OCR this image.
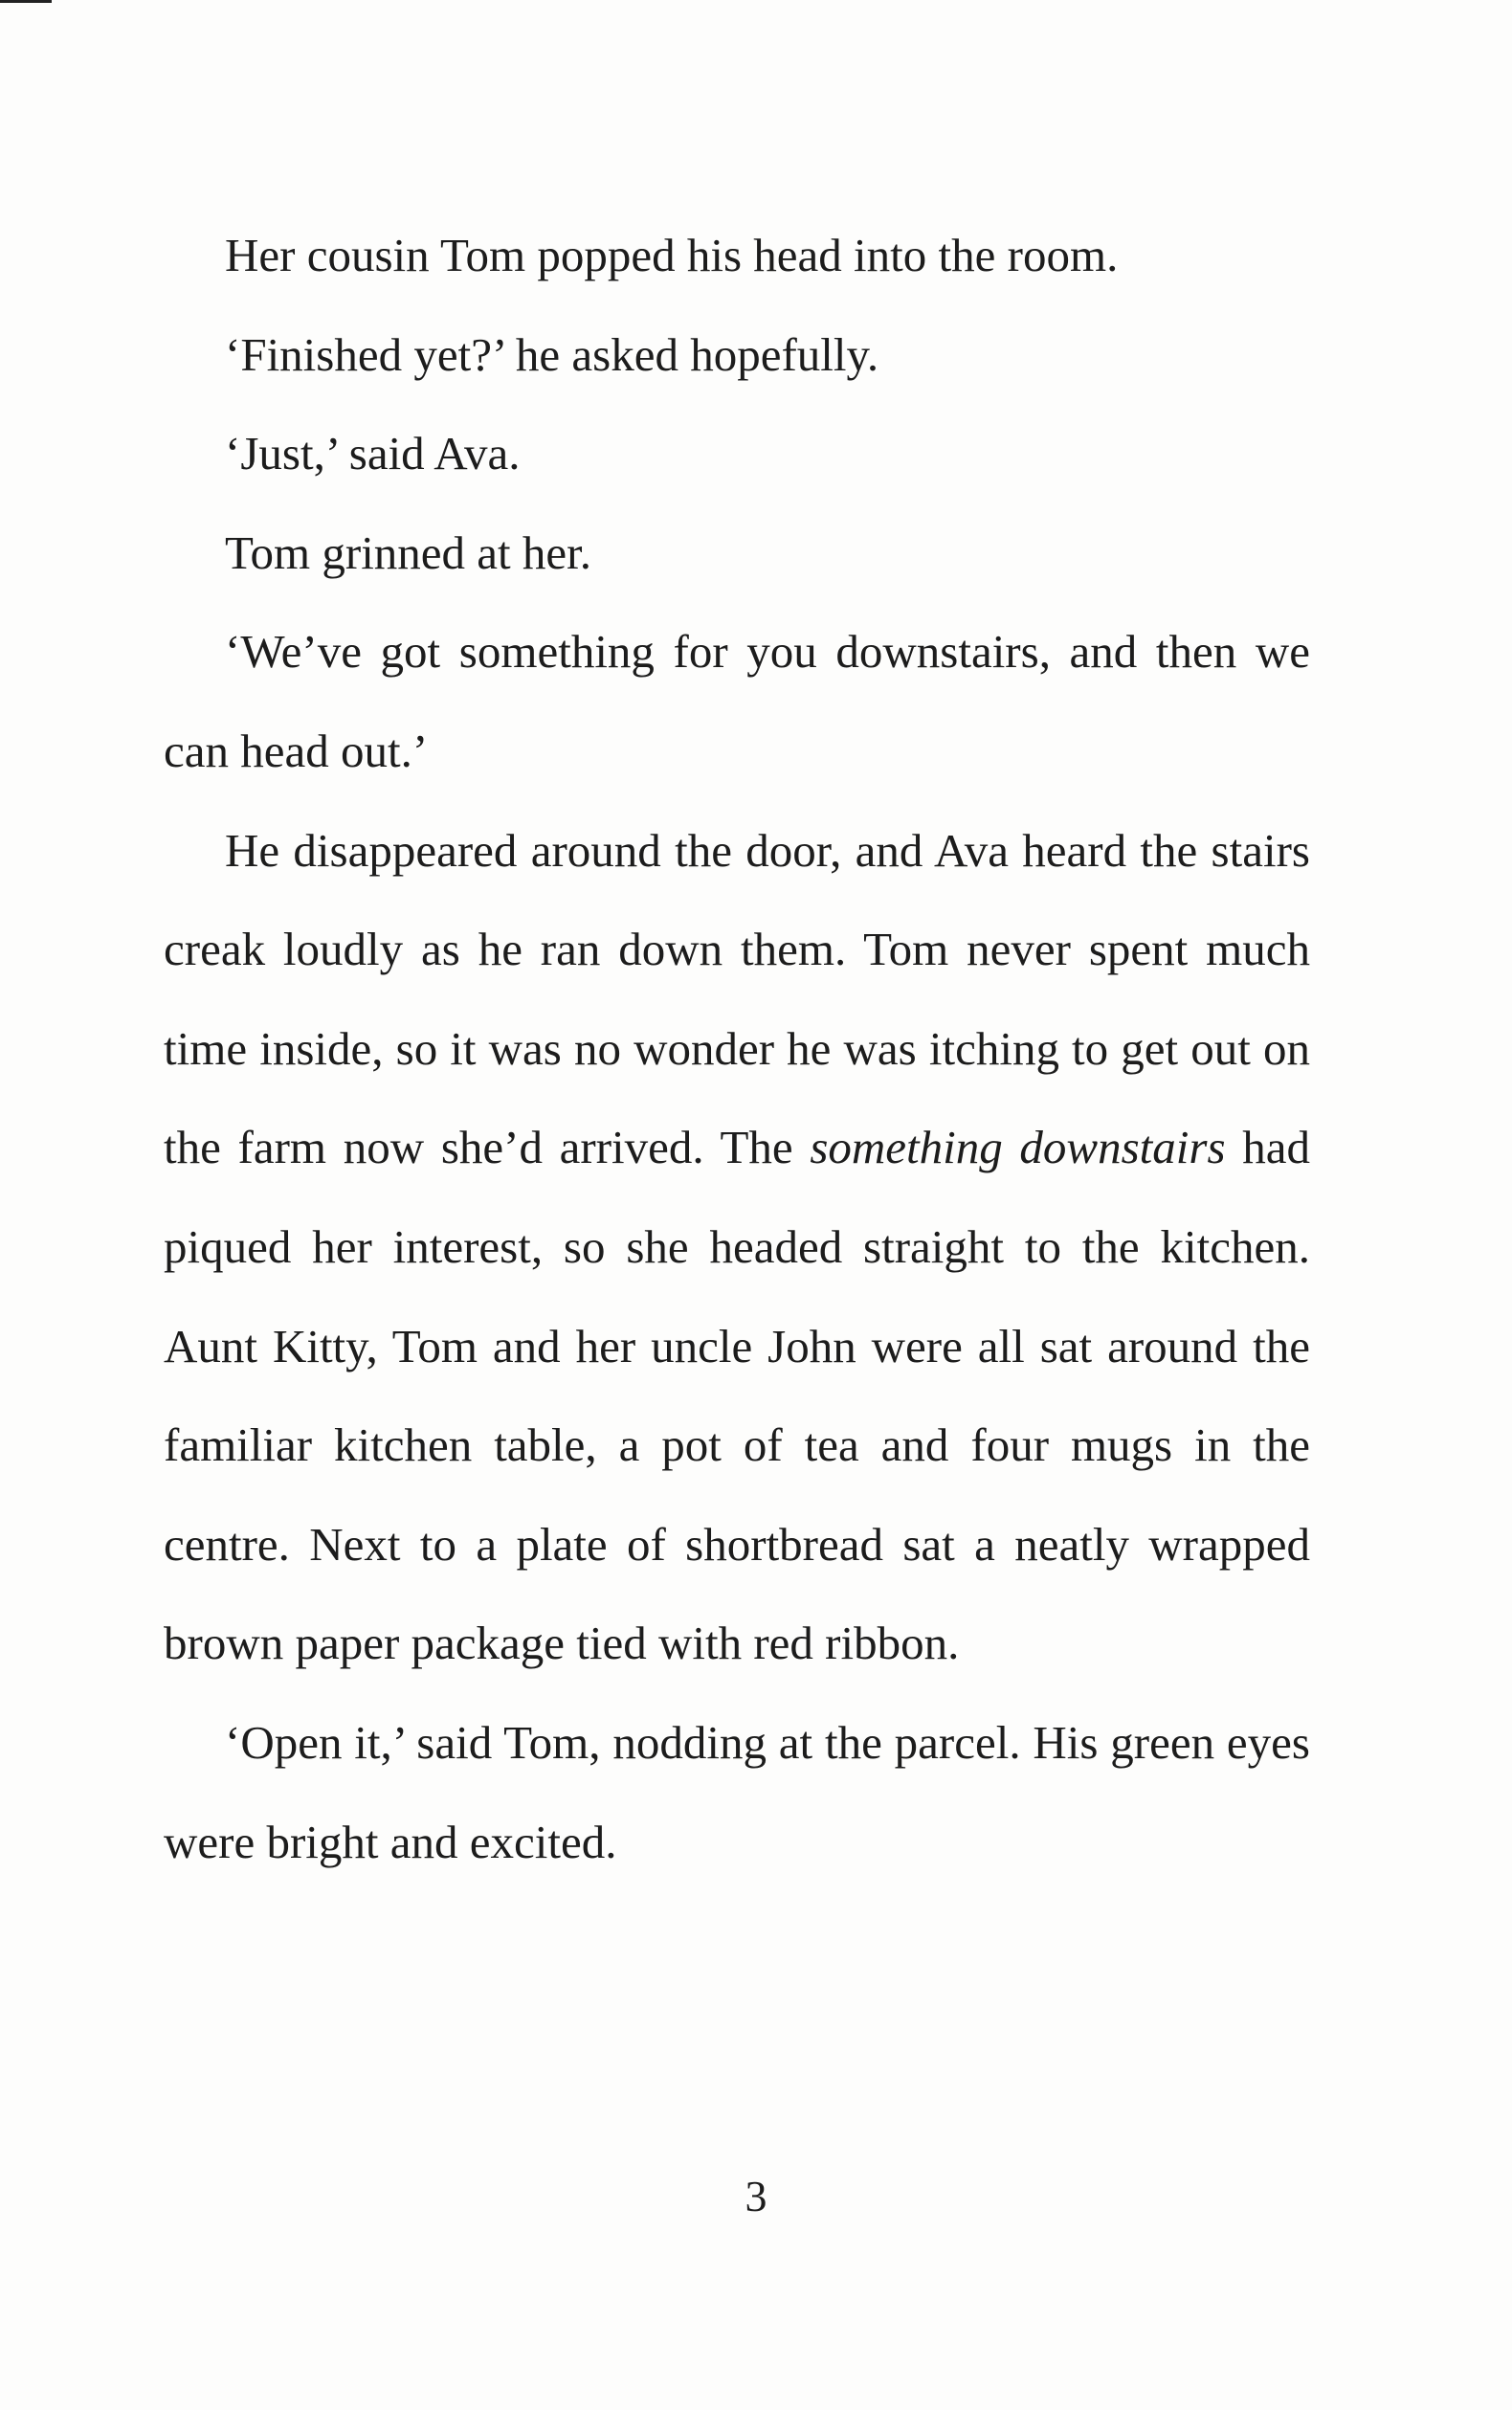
Her cousin Tom popped his head into the room.

‘Finished yet?’ he asked hopefully.

‘Just,’ said Ava.

Tom grinned at her.

‘We’ve got something for you downstairs, and then we can head out.’

He disappeared around the door, and Ava heard the stairs creak loudly as he ran down them. Tom never spent much time inside, so it was no wonder he was itching to get out on the farm now she’d arrived. The something downstairs had piqued her interest, so she headed straight to the kitchen. Aunt Kitty, Tom and her uncle John were all sat around the familiar kitchen table, a pot of tea and four mugs in the centre. Next to a plate of shortbread sat a neatly wrapped brown paper package tied with red ribbon.

‘Open it,’ said Tom, nodding at the parcel. His green eyes were bright and excited.

3
